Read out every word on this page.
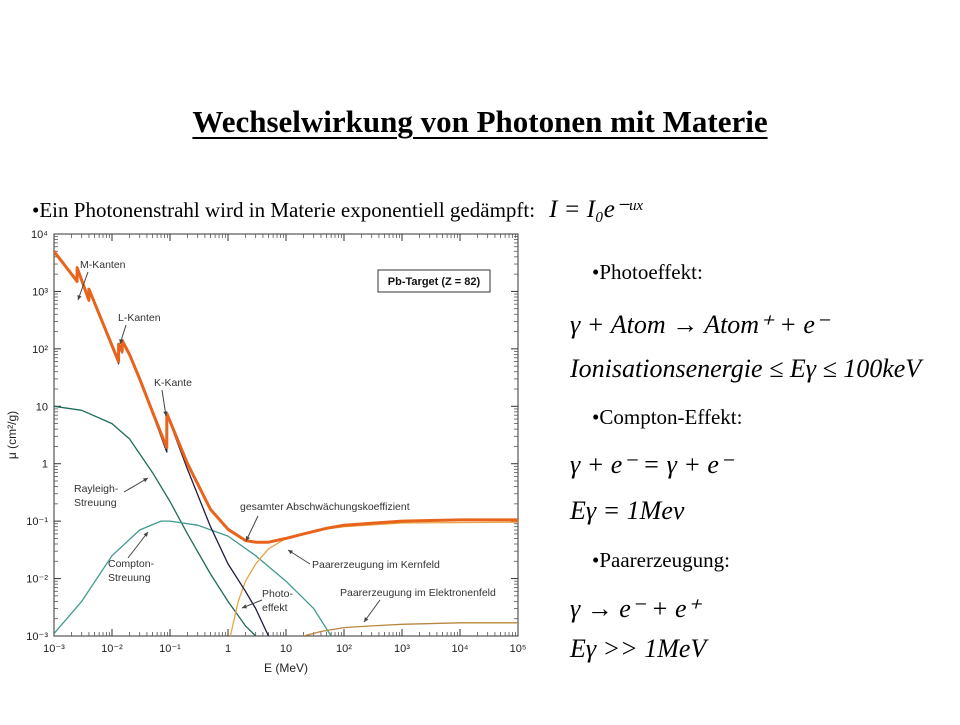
Wechselwirkung von Photonen mit Materie
•Ein Photonenstrahl wird in Materie exponentiell gedämpft: I = I₀e⁻ᵘˣ
•Photoeffekt:
γ + Atom → Atom⁺ + e⁻
Ionisationsenergie ≤ Eγ ≤ 100keV
•Compton-Effekt:
γ + e⁻ = γ + e⁻
Eγ = 1Mev
•Paarerzeugung:
γ → e⁻ + e⁺
Eγ >> 1MeV
10⁻³	10⁻²	10⁻¹	1	10	10²	10³	10⁴	10⁵
10⁻³
10⁻²
10⁻¹
1
10
10²
10³
10⁴
E (MeV)
μ (cm²/g)
Pb-Target (Z = 82)
M-Kanten
L-Kanten
K-Kante
Rayleigh-
Streuung
Compton-
Streuung
gesamter Abschwächungskoeffizient
Paarerzeugung im Kernfeld
Photo-
effekt
Paarerzeugung im Elektronenfeld
